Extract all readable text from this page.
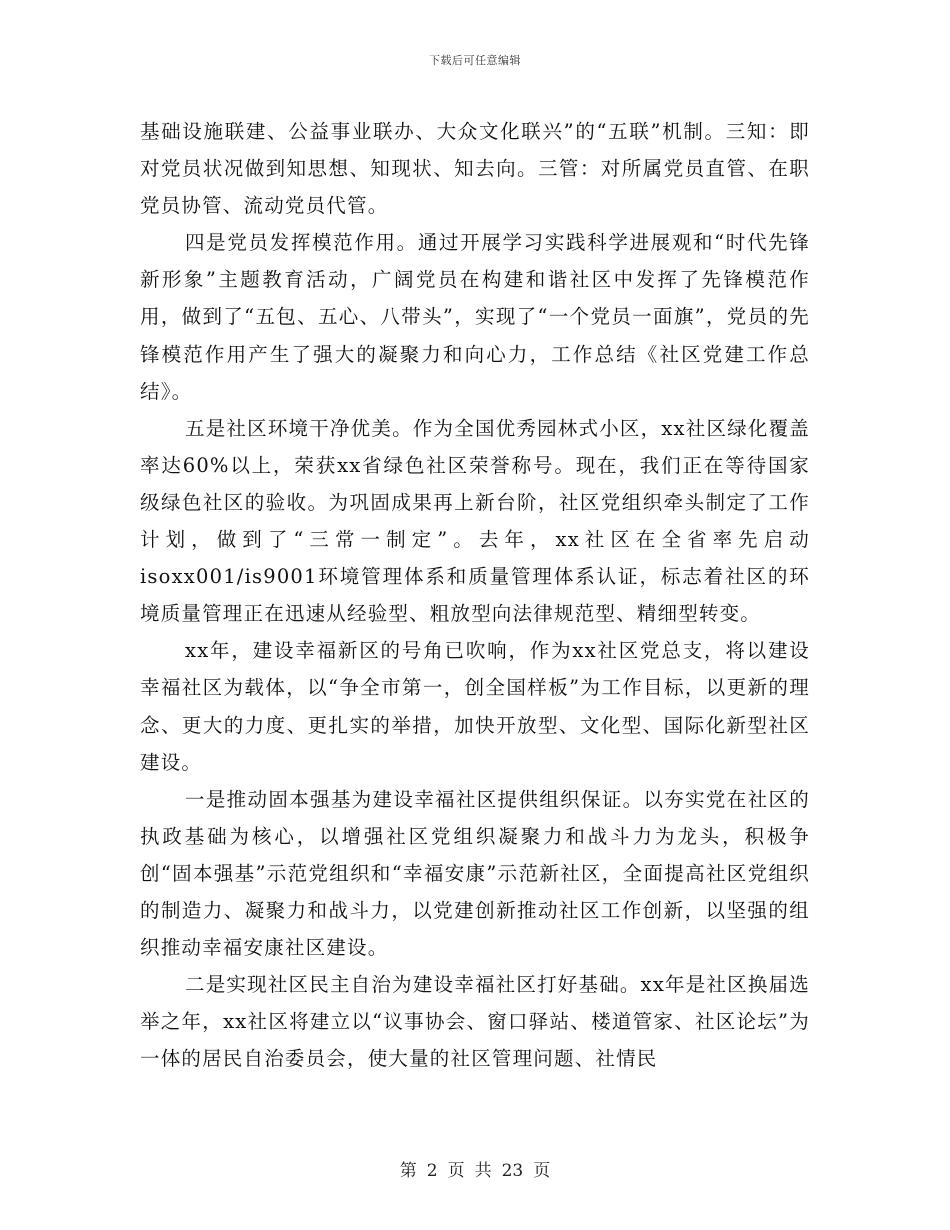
下载后可任意编辑

基础设施联建、公益事业联办、大众文化联兴”的“五联”机制。三知：即对党员状况做到知思想、知现状、知去向。三管：对所属党员直管、在职党员协管、流动党员代管。

四是党员发挥模范作用。通过开展学习实践科学进展观和“时代先锋新形象”主题教育活动，广阔党员在构建和谐社区中发挥了先锋模范作用，做到了“五包、五心、八带头”，实现了“一个党员一面旗”，党员的先锋模范作用产生了强大的凝聚力和向心力，工作总结《社区党建工作总结》。

五是社区环境干净优美。作为全国优秀园林式小区，xx社区绿化覆盖率达60%以上，荣获xx省绿色社区荣誉称号。现在，我们正在等待国家级绿色社区的验收。为巩固成果再上新台阶，社区党组织牵头制定了工作计划，做到了“三常一制定”。去年，xx社区在全省率先启动isoxx001/is9001环境管理体系和质量管理体系认证，标志着社区的环境质量管理正在迅速从经验型、粗放型向法律规范型、精细型转变。

xx年，建设幸福新区的号角已吹响，作为xx社区党总支，将以建设幸福社区为载体，以“争全市第一，创全国样板”为工作目标，以更新的理念、更大的力度、更扎实的举措，加快开放型、文化型、国际化新型社区建设。

一是推动固本强基为建设幸福社区提供组织保证。以夯实党在社区的执政基础为核心，以增强社区党组织凝聚力和战斗力为龙头，积极争创“固本强基”示范党组织和“幸福安康”示范新社区，全面提高社区党组织的制造力、凝聚力和战斗力，以党建创新推动社区工作创新，以坚强的组织推动幸福安康社区建设。

二是实现社区民主自治为建设幸福社区打好基础。xx年是社区换届选举之年，xx社区将建立以“议事协会、窗口驿站、楼道管家、社区论坛”为一体的居民自治委员会，使大量的社区管理问题、社情民

第 2 页 共 23 页
